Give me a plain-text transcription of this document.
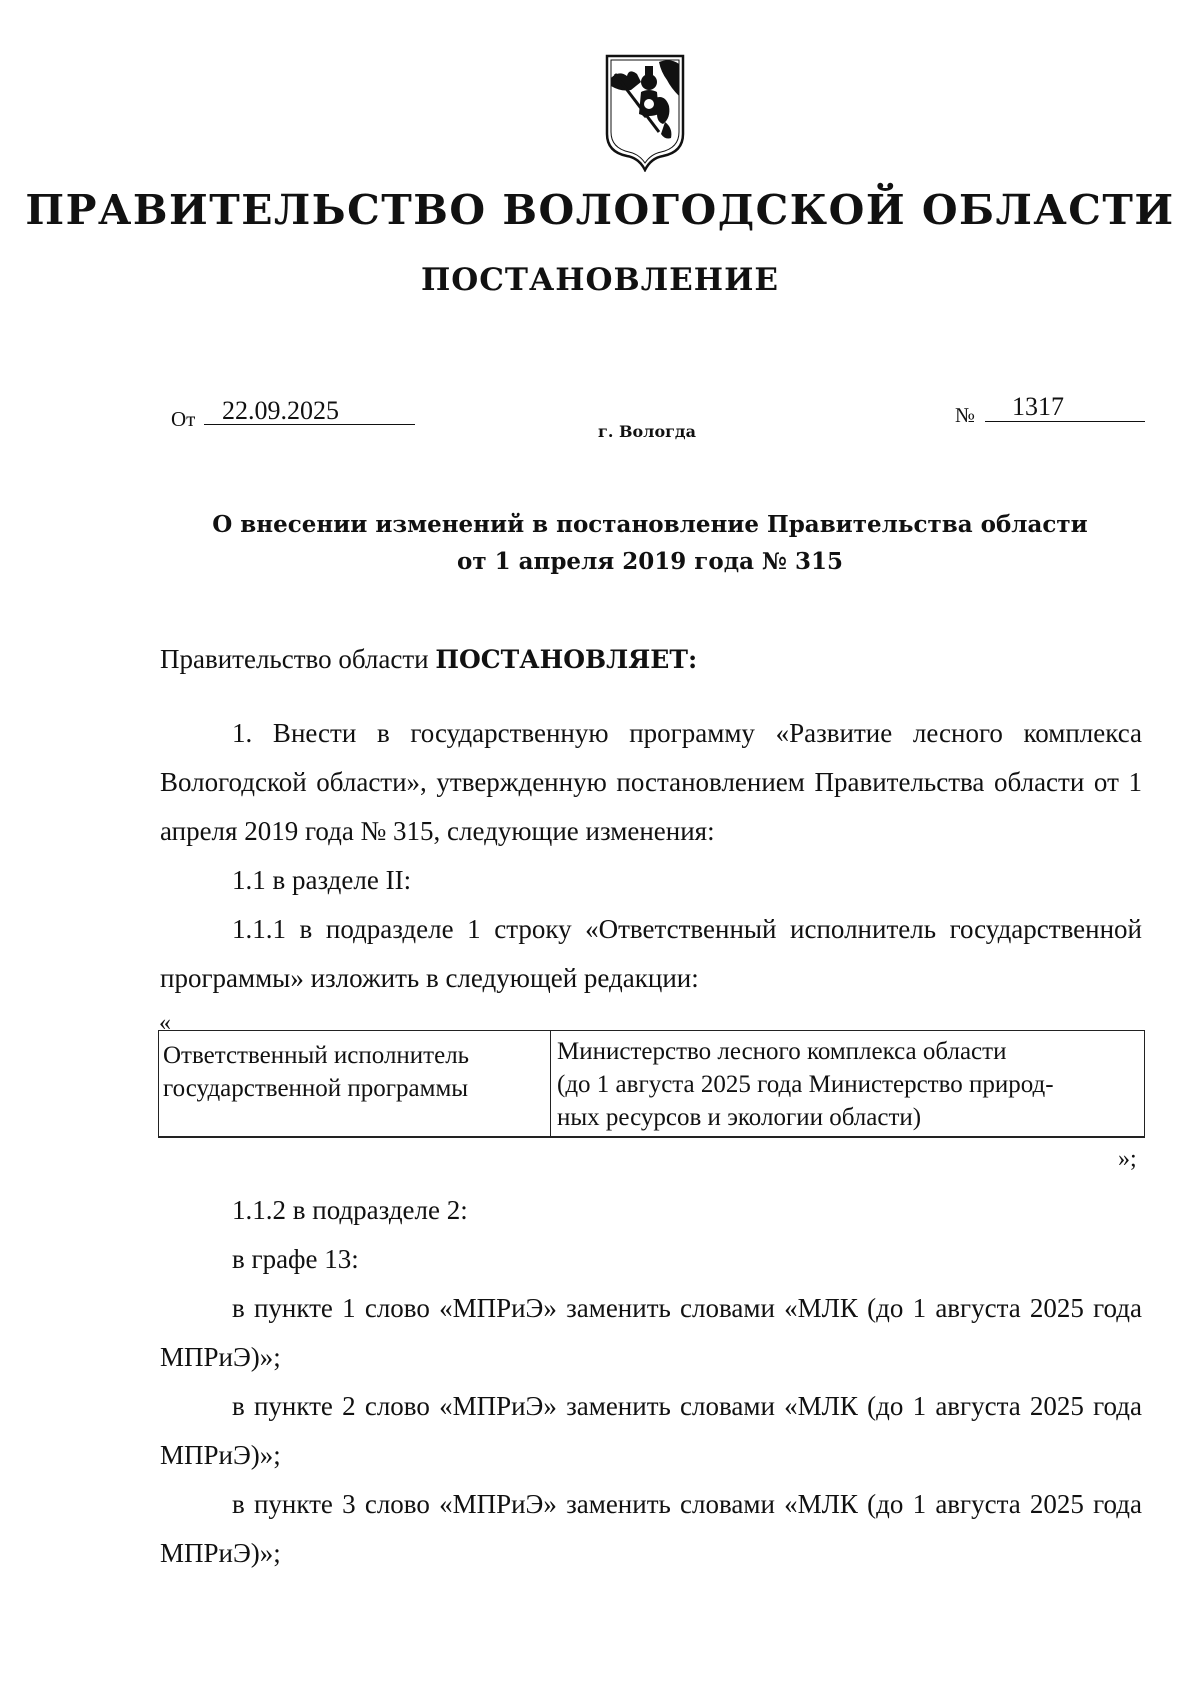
ПРАВИТЕЛЬСТВО ВОЛОГОДСКОЙ ОБЛАСТИ
ПОСТАНОВЛЕНИЕ
От 22.09.2025	№ 1317
г. Вологда
О внесении изменений в постановление Правительства области
от 1 апреля 2019 года № 315
Правительство области ПОСТАНОВЛЯЕТ:

1. Внести в государственную программу «Развитие лесного комплекса Вологодской области», утвержденную постановлением Правительства области от 1 апреля 2019 года № 315, следующие изменения:

1.1 в разделе II:

1.1.1 в подразделе 1 строку «Ответственный исполнитель государственной программы» изложить в следующей редакции:

«
Ответственный исполнитель
государственной программы
Министерство лесного комплекса области
(до 1 августа 2025 года Министерство природ-
ных ресурсов и экологии области)
»;

1.1.2 в подразделе 2:

в графе 13:

в пункте 1 слово «МПРиЭ» заменить словами «МЛК (до 1 августа 2025 года МПРиЭ)»;

в пункте 2 слово «МПРиЭ» заменить словами «МЛК (до 1 августа 2025 года МПРиЭ)»;

в пункте 3 слово «МПРиЭ» заменить словами «МЛК (до 1 августа 2025 года МПРиЭ)»;
